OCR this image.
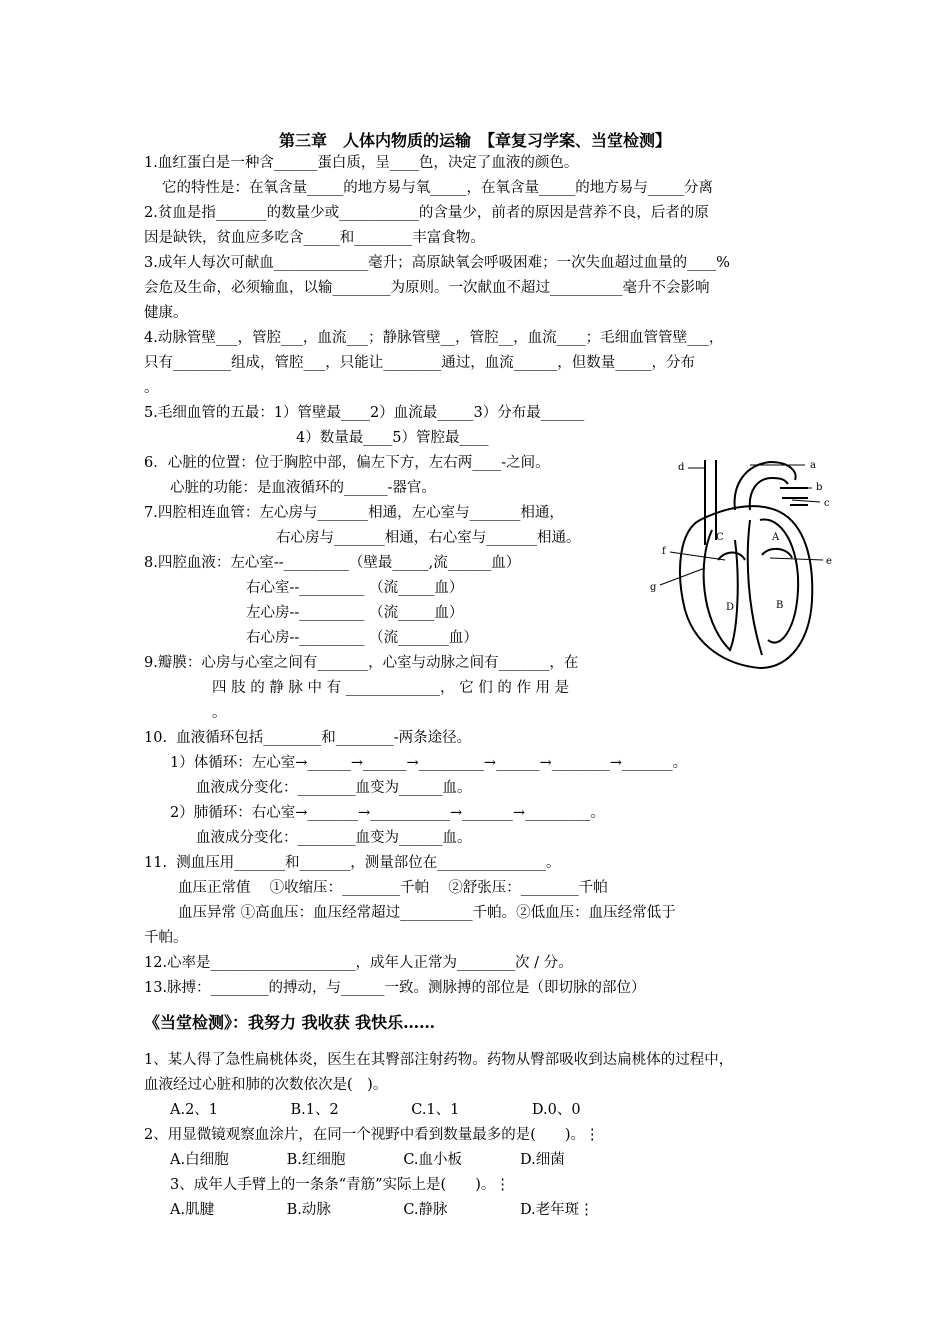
第三章　人体内物质的运输　【章复习学案、当堂检测】
1.血红蛋白是一种含______蛋白质，呈____色，决定了血液的颜色。
它的特性是：在氧含量_____的地方易与氧_____，在氧含量_____的地方易与_____分离
2.贫血是指_______的数量少或___________的含量少，前者的原因是营养不良，后者的原
因是缺铁，贫血应多吃含_____和________丰富食物。
3.成年人每次可献血_____________毫升；高原缺氧会呼吸困难；一次失血超过血量的____%
会危及生命，必须输血，以输________为原则。一次献血不超过__________毫升不会影响
健康。
4.动脉管壁___，管腔___，血流___；静脉管壁__，管腔__，血流____；毛细血管管壁___，
只有________组成，管腔___，只能让________通过，血流______，但数量_____，分布
。
5.毛细血管的五最：1）管壁最____2）血流最_____3）分布最______
4）数量最____5）管腔最____
6．心脏的位置：位于胸腔中部，偏左下方，左右两____-之间。
心脏的功能：是血液循环的______-器官。
7.四腔相连血管：左心房与_______相通，左心室与_______相通，
右心房与_______相通，右心室与_______相通。
8.四腔血液：左心室--_________（壁最_____,流______血）
右心室--_________ （流_____血）
左心房--_________ （流_____血）
右心房--_________ （流_______血）
9.瓣膜：心房与心室之间有_______，心室与动脉之间有_______，在
四 肢 的 静 脉 中 有 _____________， 它 们 的 作 用 是
。
10.  血液循环包括________和________-两条途径。
1）体循环：左心室→______→______→_________→______→________→_______。
血液成分变化：________血变为______血。
2）肺循环：右心室→_______→___________→_______→_________。
血液成分变化：________血变为______血。
11.  测血压用_______和_______，测量部位在_______________。
血压正常值　 ①收缩压：________千帕　 ②舒张压：________千帕
血压异常 ①高血压：血压经常超过__________千帕。②低血压：血压经常低于
千帕。
12.心率是____________________，成年人正常为________次 / 分。
13.脉搏：________的搏动，与______一致。测脉搏的部位是（即切脉的部位）
《当堂检测》：我努力 我收获 我快乐……
1、某人得了急性扁桃体炎，医生在其臀部注射药物。药物从臀部吸收到达扁桃体的过程中，
血液经过心脏和肺的次数依次是(　)。
A.2、1　　　　　B.1、2　　　　　C.1、1　　　　　D.0、0
2、用显微镜观察血涂片，在同一个视野中看到数量最多的是(　　)。⋮
A.白细胞　　　　B.红细胞　　　　C.血小板　　　　D.细菌
3、成年人手臂上的一条条“青筋”实际上是(　　)。⋮
A.肌腱　　　　　B.动脉　　　　　C.静脉　　　　　D.老年斑⋮
a
b
c
d
e
f
g
A
B
C
D
